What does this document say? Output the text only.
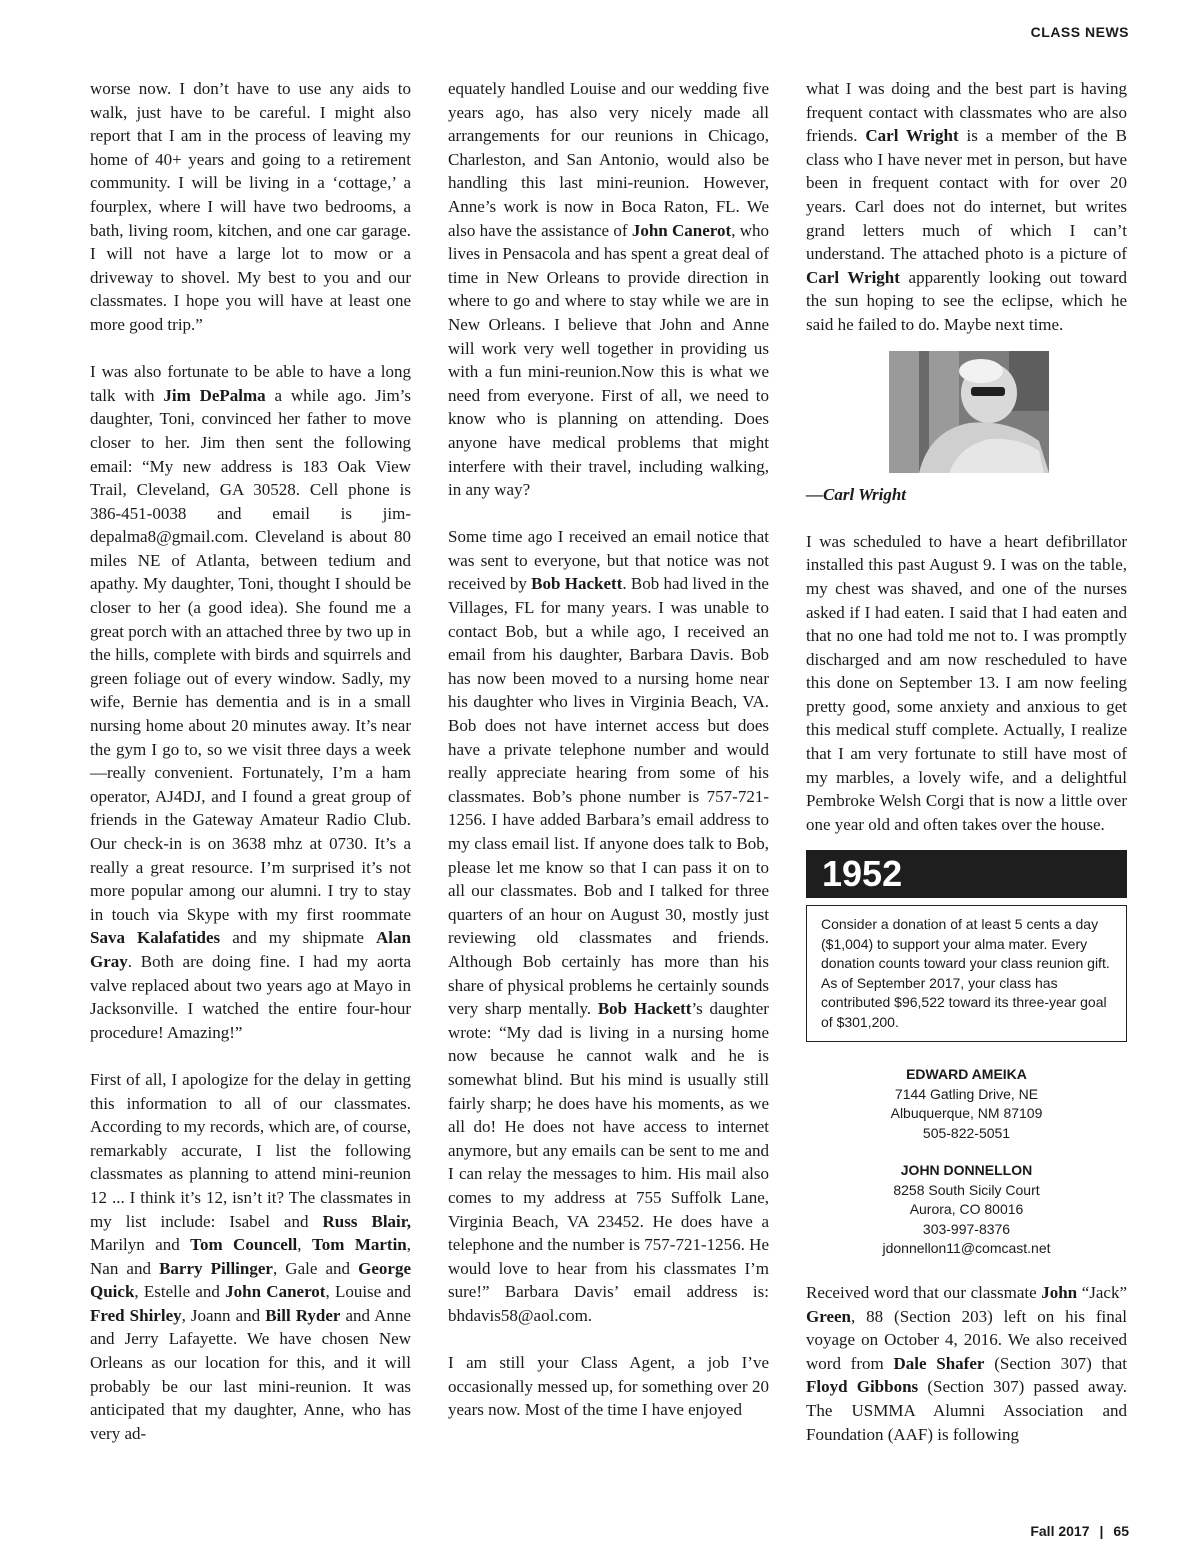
CLASS NEWS

worse now. I don’t have to use any aids to walk, just have to be careful. I might also report that I am in the process of leaving my home of 40+ years and going to a retirement community. I will be living in a ‘cottage,’ a fourplex, where I will have two bedrooms, a bath, living room, kitchen, and one car garage. I will not have a large lot to mow or a driveway to shovel. My best to you and our classmates. I hope you will have at least one more good trip.”

I was also fortunate to be able to have a long talk with Jim DePalma a while ago. Jim’s daughter, Toni, convinced her father to move closer to her. Jim then sent the following email: “My new address is 183 Oak View Trail, Cleveland, GA 30528. Cell phone is 386-451-0038 and email is jim-depalma8@gmail.com. Cleveland is about 80 miles NE of Atlanta, between tedium and apathy. My daughter, Toni, thought I should be closer to her (a good idea). She found me a great porch with an attached three by two up in the hills, complete with birds and squirrels and green foliage out of every window. Sadly, my wife, Bernie has dementia and is in a small nursing home about 20 minutes away. It’s near the gym I go to, so we visit three days a week—really convenient. Fortunately, I’m a ham operator, AJ4DJ, and I found a great group of friends in the Gateway Amateur Radio Club. Our check-in is on 3638 mhz at 0730. It’s a really a great resource. I’m surprised it’s not more popular among our alumni. I try to stay in touch via Skype with my first roommate Sava Kalafatides and my shipmate Alan Gray. Both are doing fine. I had my aorta valve replaced about two years ago at Mayo in Jacksonville. I watched the entire four-hour procedure! Amazing!”

First of all, I apologize for the delay in getting this information to all of our classmates. According to my records, which are, of course, remarkably accurate, I list the following classmates as planning to attend mini-reunion 12 ... I think it’s 12, isn’t it? The classmates in my list include: Isabel and Russ Blair, Marilyn and Tom Councell, Tom Martin, Nan and Barry Pillinger, Gale and George Quick, Estelle and John Canerot, Louise and Fred Shirley, Joann and Bill Ryder and Anne and Jerry Lafayette. We have chosen New Orleans as our location for this, and it will probably be our last mini-reunion. It was anticipated that my daughter, Anne, who has very ad-

equately handled Louise and our wedding five years ago, has also very nicely made all arrangements for our reunions in Chicago, Charleston, and San Antonio, would also be handling this last mini-reunion. However, Anne’s work is now in Boca Raton, FL. We also have the assistance of John Canerot, who lives in Pensacola and has spent a great deal of time in New Orleans to provide direction in where to go and where to stay while we are in New Orleans. I believe that John and Anne will work very well together in providing us with a fun mini-reunion.Now this is what we need from everyone. First of all, we need to know who is planning on attending. Does anyone have medical problems that might interfere with their travel, including walking, in any way?

Some time ago I received an email notice that was sent to everyone, but that notice was not received by Bob Hackett. Bob had lived in the Villages, FL for many years. I was unable to contact Bob, but a while ago, I received an email from his daughter, Barbara Davis. Bob has now been moved to a nursing home near his daughter who lives in Virginia Beach, VA. Bob does not have internet access but does have a private telephone number and would really appreciate hearing from some of his classmates. Bob’s phone number is 757-721-1256. I have added Barbara’s email address to my class email list. If anyone does talk to Bob, please let me know so that I can pass it on to all our classmates. Bob and I talked for three quarters of an hour on August 30, mostly just reviewing old classmates and friends. Although Bob certainly has more than his share of physical problems he certainly sounds very sharp mentally. Bob Hackett’s daughter wrote: “My dad is living in a nursing home now because he cannot walk and he is somewhat blind. But his mind is usually still fairly sharp; he does have his moments, as we all do! He does not have access to internet anymore, but any emails can be sent to me and I can relay the messages to him. His mail also comes to my address at 755 Suffolk Lane, Virginia Beach, VA 23452. He does have a telephone and the number is 757-721-1256. He would love to hear from his classmates I’m sure!” Barbara Davis’ email address is: bhdavis58@aol.com.

I am still your Class Agent, a job I’ve occasionally messed up, for something over 20 years now. Most of the time I have enjoyed

what I was doing and the best part is having frequent contact with classmates who are also friends. Carl Wright is a member of the B class who I have never met in person, but have been in frequent contact with for over 20 years. Carl does not do internet, but writes grand letters much of which I can’t understand. The attached photo is a picture of Carl Wright apparently looking out toward the sun hoping to see the eclipse, which he said he failed to do. Maybe next time.

—Carl Wright

I was scheduled to have a heart defibrillator installed this past August 9. I was on the table, my chest was shaved, and one of the nurses asked if I had eaten. I said that I had eaten and that no one had told me not to. I was promptly discharged and am now rescheduled to have this done on September 13. I am now feeling pretty good, some anxiety and anxious to get this medical stuff complete. Actually, I realize that I am very fortunate to still have most of my marbles, a lovely wife, and a delightful Pembroke Welsh Corgi that is now a little over one year old and often takes over the house.

1952
Consider a donation of at least 5 cents a day ($1,004) to support your alma mater. Every donation counts toward your class reunion gift. As of September 2017, your class has contributed $96,522 toward its three-year goal of $301,200.
EDWARD AMEIKA
7144 Gatling Drive, NE
Albuquerque, NM 87109
505-822-5051
JOHN DONNELLON
8258 South Sicily Court
Aurora, CO 80016
303-997-8376
jdonnellon11@comcast.net

Received word that our classmate John “Jack” Green, 88 (Section 203) left on his final voyage on October 4, 2016. We also received word from Dale Shafer (Section 307) that Floyd Gibbons (Section 307) passed away. The USMMA Alumni Association and Foundation (AAF) is following

Fall 2017 | 65
